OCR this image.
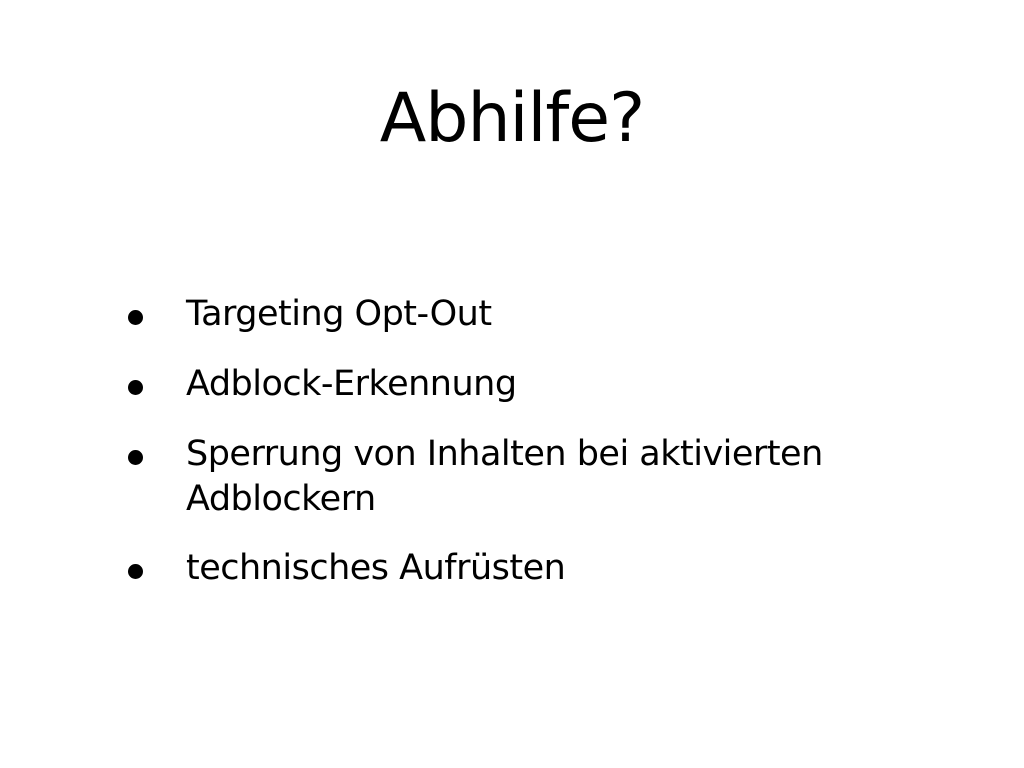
Abhilfe?
Targeting Opt-Out
Adblock-Erkennung
Sperrung von Inhalten bei aktivierten Adblockern
technisches Aufrüsten
